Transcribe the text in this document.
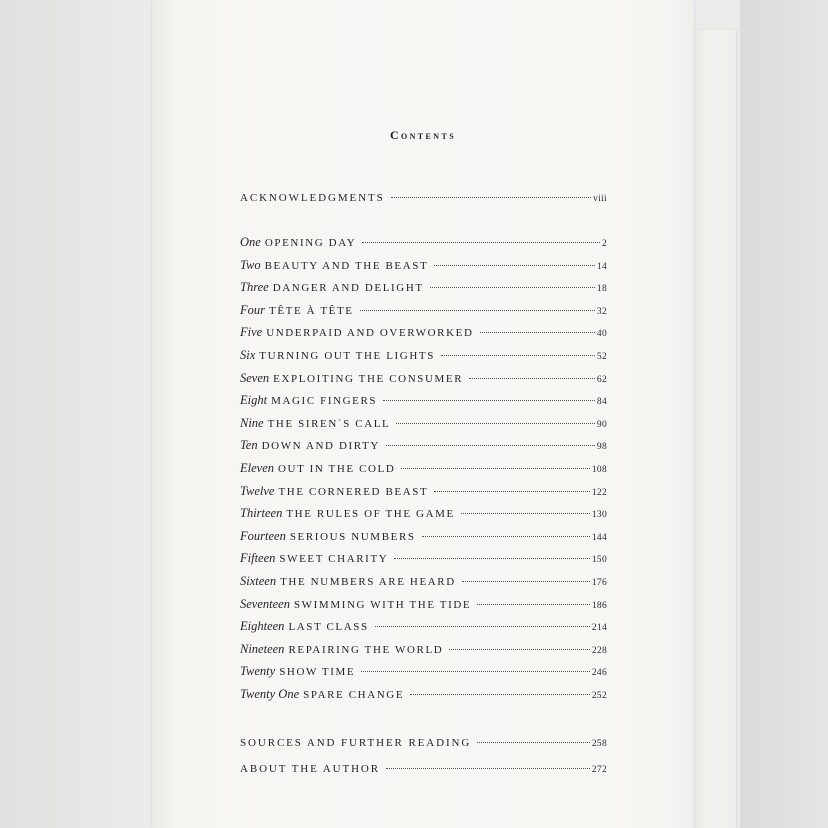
Contents
ACKNOWLEDGMENTS	viii
One OPENING DAY	2
Two BEAUTY AND THE BEAST	14
Three DANGER AND DELIGHT	18
Four TÊTE À TÊTE	32
Five UNDERPAID AND OVERWORKED	40
Six TURNING OUT THE LIGHTS	52
Seven EXPLOITING THE CONSUMER	62
Eight MAGIC FINGERS	84
Nine THE SIREN`S CALL	90
Ten DOWN AND DIRTY	98
Eleven OUT IN THE COLD	108
Twelve THE CORNERED BEAST	122
Thirteen THE RULES OF THE GAME	130
Fourteen SERIOUS NUMBERS	144
Fifteen SWEET CHARITY	150
Sixteen THE NUMBERS ARE HEARD	176
Seventeen SWIMMING WITH THE TIDE	186
Eighteen LAST CLASS	214
Nineteen REPAIRING THE WORLD	228
Twenty SHOW TIME	246
Twenty One SPARE CHANGE	252
SOURCES AND FURTHER READING	258
ABOUT THE AUTHOR	272
